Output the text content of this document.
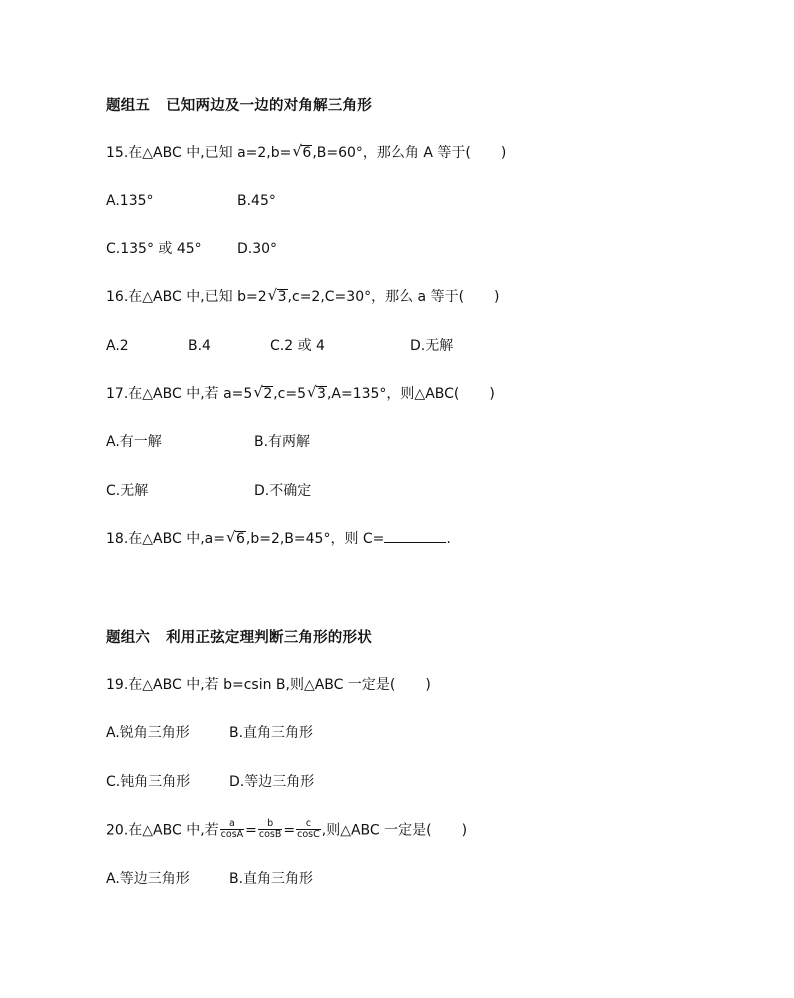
题组五 已知两边及一边的对角解三角形
15.在△ABC 中,已知 a=2,b= √ 6,B=60°，那么角 A 等于( )
A.135°	B.45°
C.135° 或 45°	D.30°
16.在△ABC 中,已知 b=2 √ 3,c=2,C=30°，那么 a 等于( )
A.2	B.4	C.2 或 4	D.无解
17.在△ABC 中,若 a=5 √ 2,c=5 √ 3,A=135°，则△ABC( )
A.有一解	B.有两解
C.无解	D.不确定
18.在△ABC 中,a= √ 6,b=2,B=45°，则 C=	.
题组六 利用正弦定理判断三角形的形状
19.在△ABC 中,若 b=csin B,则△ABC 一定是( )
A.锐角三角形	B.直角三角形
C.钝角三角形	D.等边三角形
20.在△ABC 中,若 $\frac{a}{\cos A} = \frac{b}{\cos B} = \frac{c}{\cos C}$ ,则△ABC 一定是( )
A.等边三角形	B.直角三角形
